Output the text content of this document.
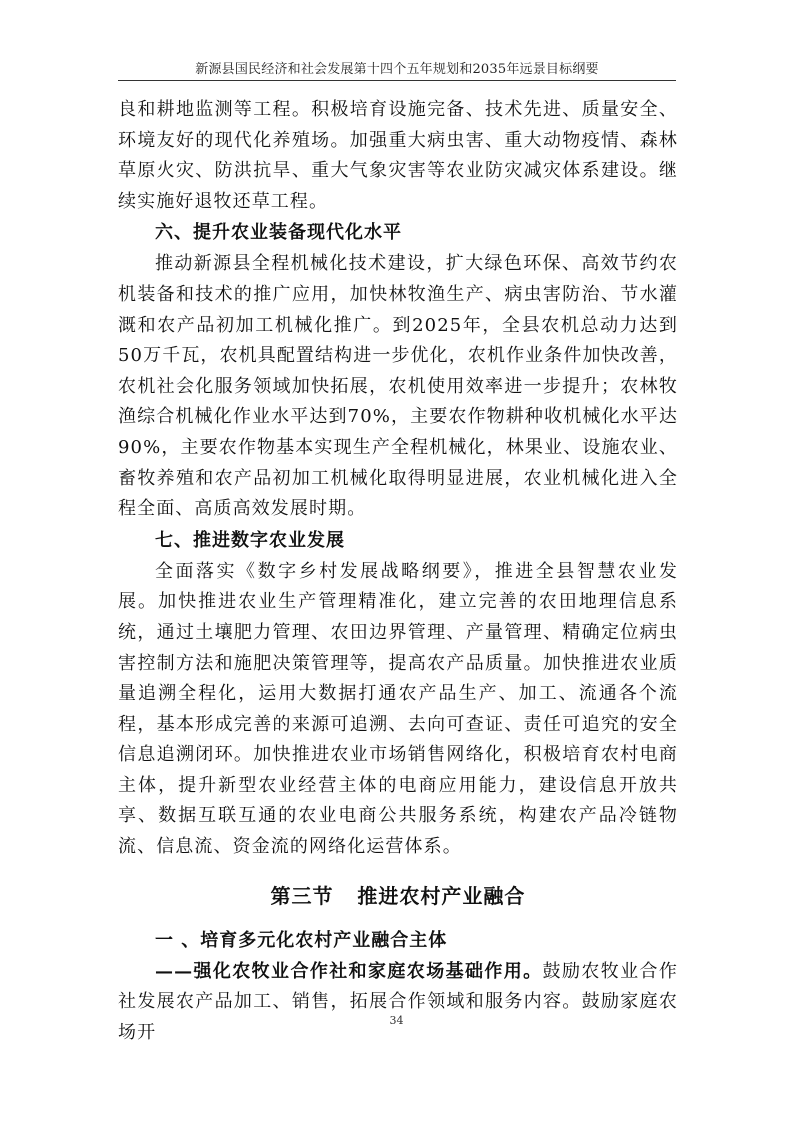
新源县国民经济和社会发展第十四个五年规划和2035年远景目标纲要

良和耕地监测等工程。积极培育设施完备、技术先进、质量安全、环境友好的现代化养殖场。加强重大病虫害、重大动物疫情、森林草原火灾、防洪抗旱、重大气象灾害等农业防灾减灾体系建设。继续实施好退牧还草工程。

六、提升农业装备现代化水平

推动新源县全程机械化技术建设，扩大绿色环保、高效节约农机装备和技术的推广应用，加快林牧渔生产、病虫害防治、节水灌溉和农产品初加工机械化推广。到2025年，全县农机总动力达到50万千瓦，农机具配置结构进一步优化，农机作业条件加快改善，农机社会化服务领域加快拓展，农机使用效率进一步提升；农林牧渔综合机械化作业水平达到70%，主要农作物耕种收机械化水平达90%，主要农作物基本实现生产全程机械化，林果业、设施农业、畜牧养殖和农产品初加工机械化取得明显进展，农业机械化进入全程全面、高质高效发展时期。

七、推进数字农业发展

全面落实《数字乡村发展战略纲要》，推进全县智慧农业发展。加快推进农业生产管理精准化，建立完善的农田地理信息系统，通过土壤肥力管理、农田边界管理、产量管理、精确定位病虫害控制方法和施肥决策管理等，提高农产品质量。加快推进农业质量追溯全程化，运用大数据打通农产品生产、加工、流通各个流程，基本形成完善的来源可追溯、去向可查证、责任可追究的安全信息追溯闭环。加快推进农业市场销售网络化，积极培育农村电商主体，提升新型农业经营主体的电商应用能力，建设信息开放共享、数据互联互通的农业电商公共服务系统，构建农产品冷链物流、信息流、资金流的网络化运营体系。

第三节   推进农村产业融合

一 、培育多元化农村产业融合主体

——强化农牧业合作社和家庭农场基础作用。鼓励农牧业合作社发展农产品加工、销售，拓展合作领域和服务内容。鼓励家庭农场开

34
